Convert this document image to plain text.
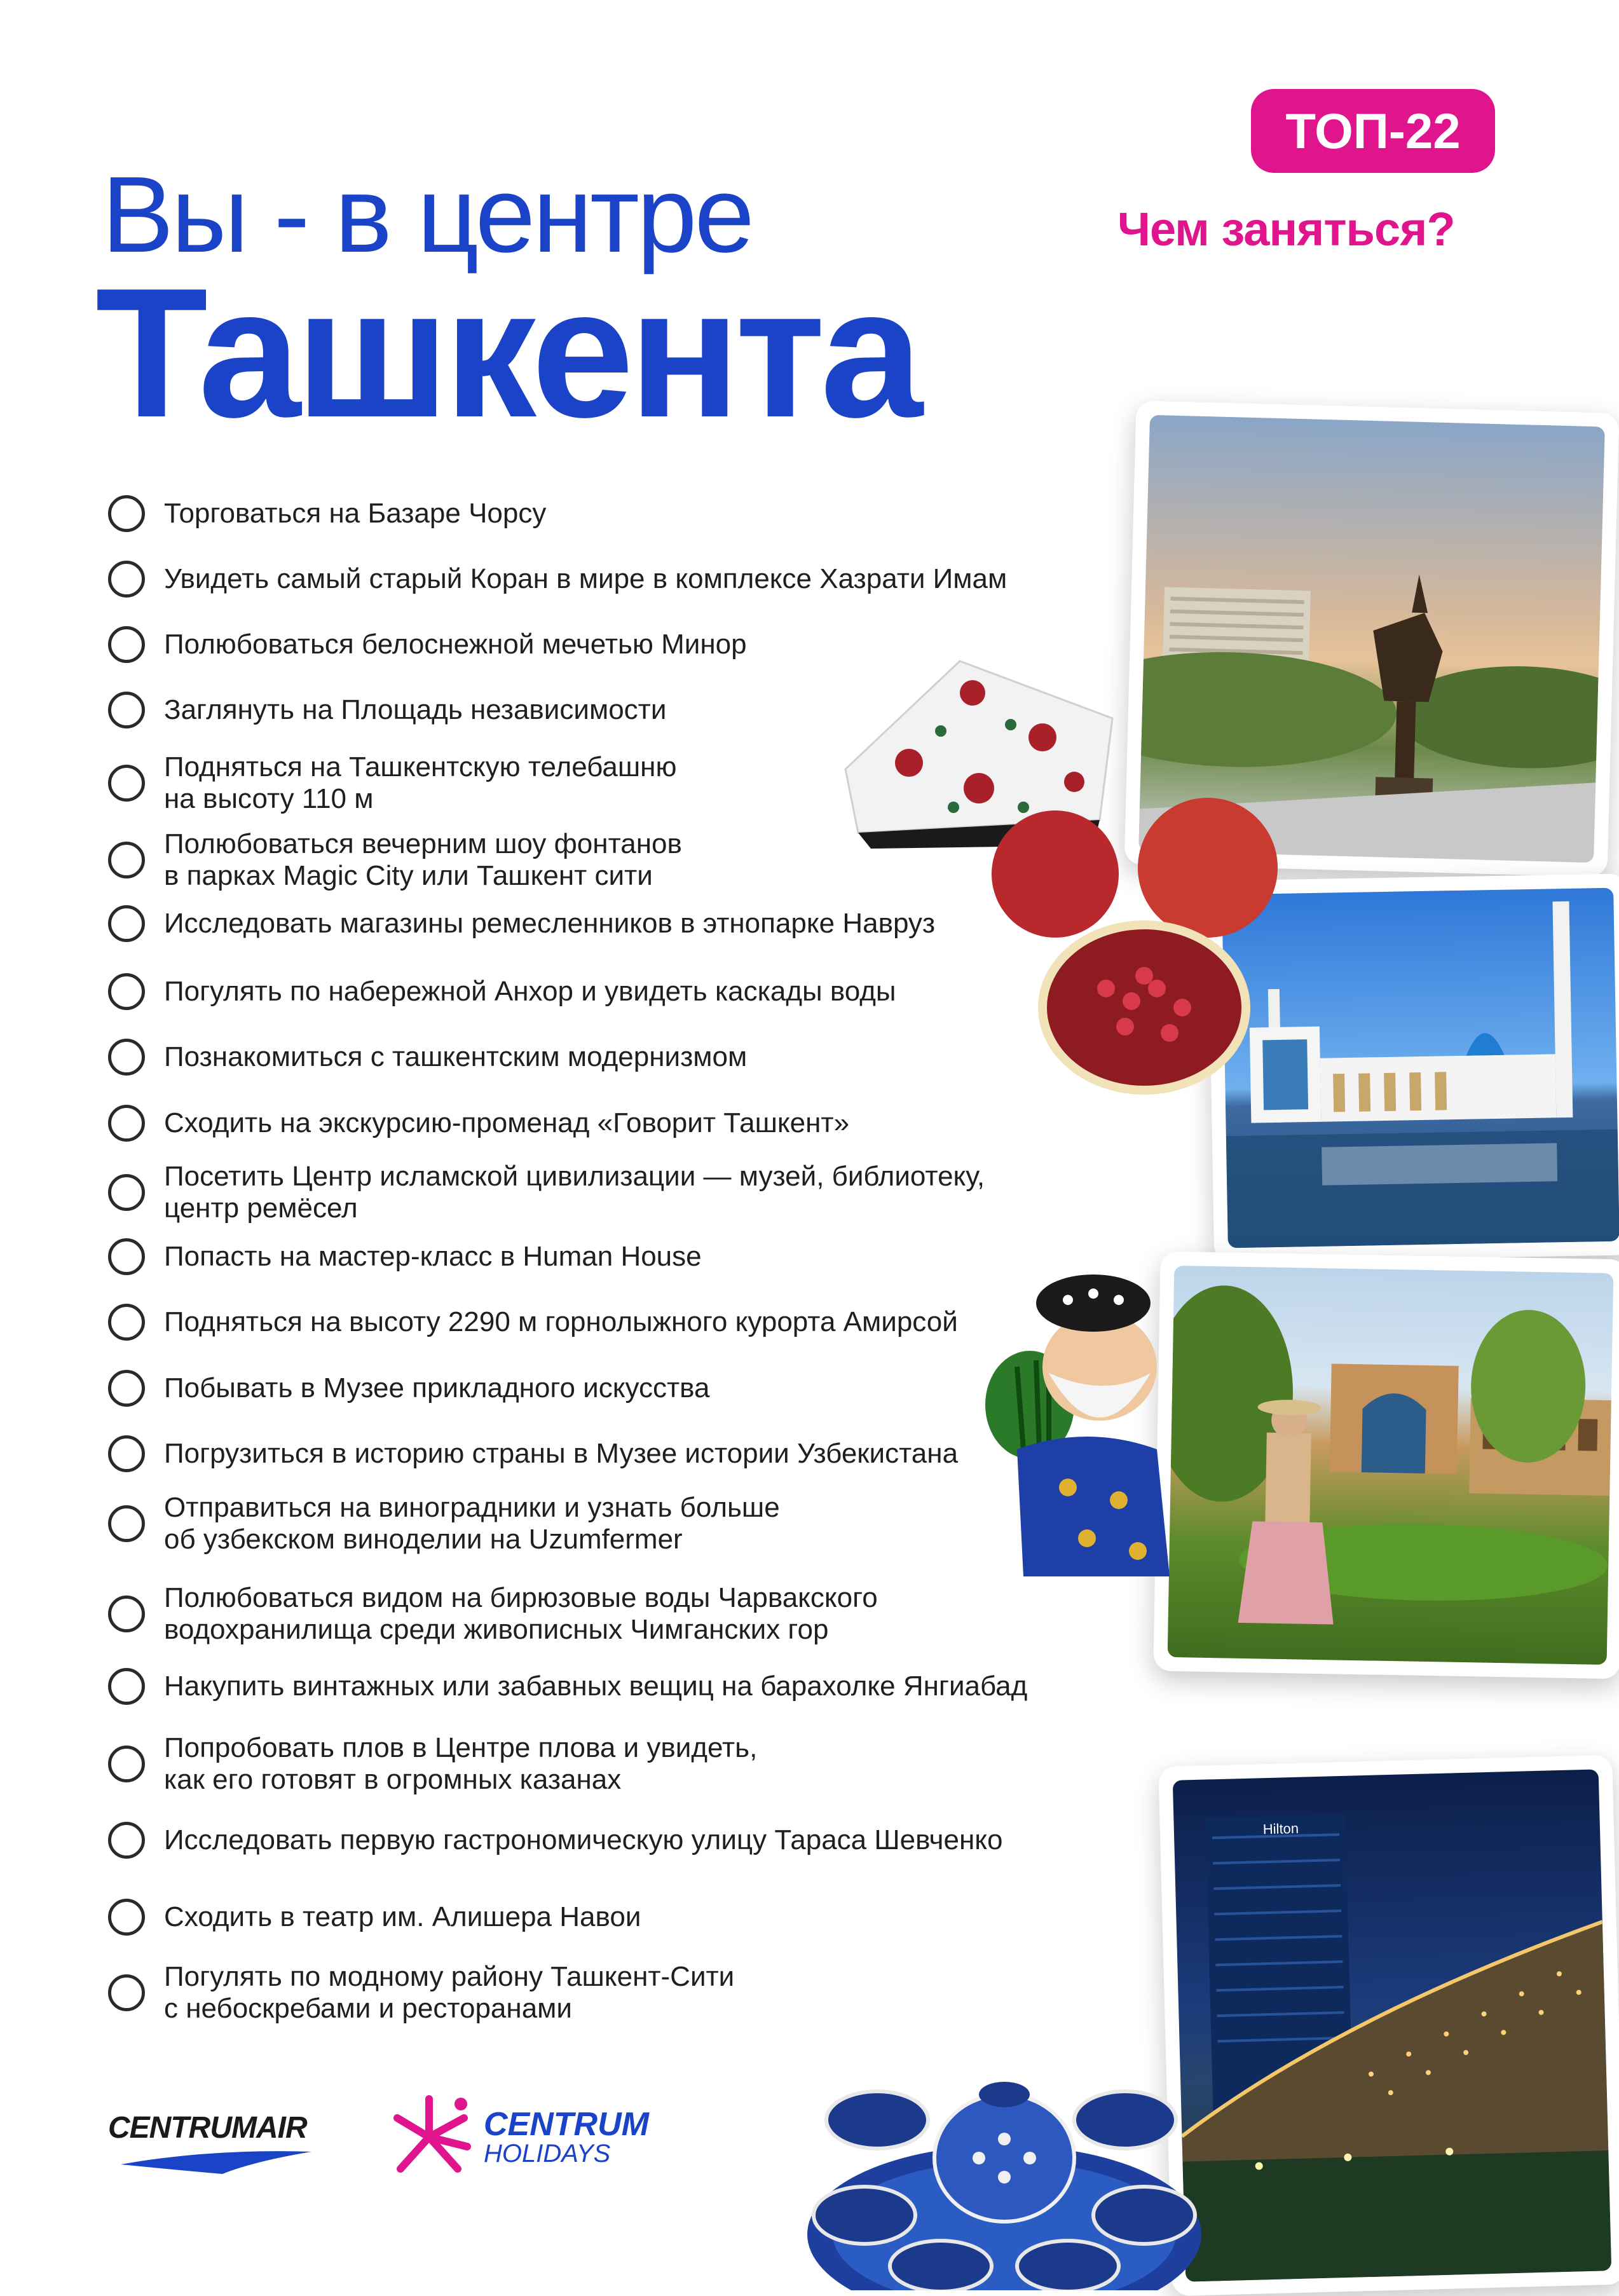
Вы - в центре
Ташкента
ТОП-22
Чем заняться?
Торговаться на Базаре Чорсу
Увидеть самый старый Коран в мире в комплексе Хазрати Имам
Полюбоваться белоснежной мечетью Минор
Заглянуть на Площадь независимости
Подняться на Ташкентскую телебашню
на высоту 110 м
Полюбоваться вечерним шоу фонтанов
в парках Magic City или Ташкент сити
Исследовать магазины ремесленников в этнопарке Навруз
Погулять по набережной Анхор и увидеть каскады воды
Познакомиться с ташкентским модернизмом
Сходить на экскурсию-променад «Говорит Ташкент»
Посетить Центр исламской цивилизации — музей, библиотеку,
центр ремёсел
Попасть на мастер-класс в Human House
Подняться на высоту 2290 м горнолыжного курорта Амирсой
Побывать в Музее прикладного искусства
Погрузиться в историю страны в Музее истории Узбекистана
Отправиться на виноградники и узнать больше
об узбекском виноделии на Uzumfermer
Полюбоваться видом на бирюзовые воды Чарвакского
водохранилища среди живописных Чимганских гор
Накупить винтажных или забавных вещиц на барахолке Янгиабад
Попробовать плов в Центре плова и увидеть,
как его готовят в огромных казанах
Исследовать первую гастрономическую улицу Тараса Шевченко
Сходить в театр им. Алишера Навои
Погулять по модному району Ташкент-Сити
с небоскребами и ресторанами
Hilton
CENTRUMAIR	CENTRUM
HOLIDAYS
